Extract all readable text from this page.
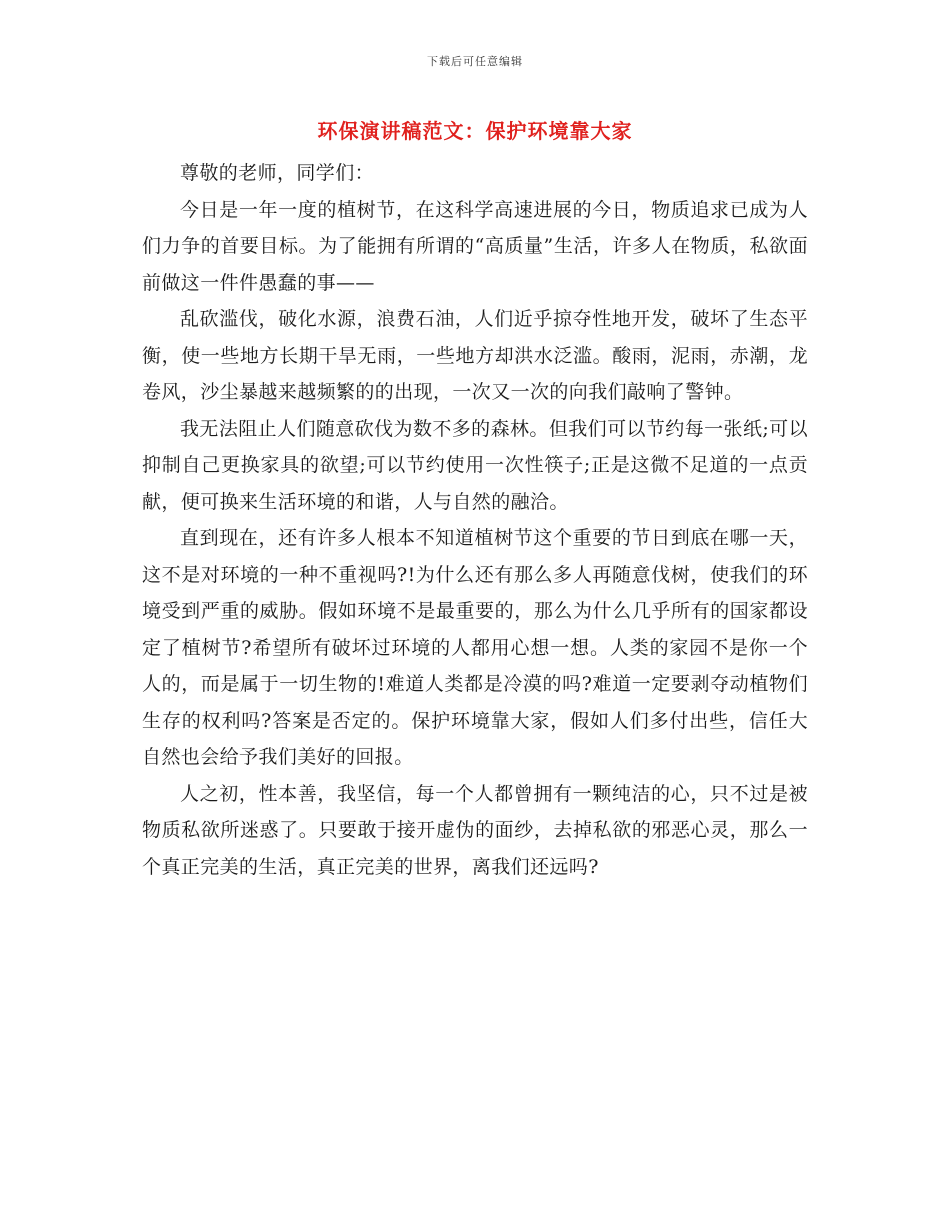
下载后可任意编辑
环保演讲稿范文：保护环境靠大家

尊敬的老师，同学们：

今日是一年一度的植树节，在这科学高速进展的今日，物质追求已成为人们力争的首要目标。为了能拥有所谓的“高质量”生活，许多人在物质，私欲面前做这一件件愚蠢的事——

乱砍滥伐，破化水源，浪费石油，人们近乎掠夺性地开发，破坏了生态平衡，使一些地方长期干旱无雨，一些地方却洪水泛滥。酸雨，泥雨，赤潮，龙卷风，沙尘暴越来越频繁的的出现，一次又一次的向我们敲响了警钟。

我无法阻止人们随意砍伐为数不多的森林。但我们可以节约每一张纸;可以抑制自己更换家具的欲望;可以节约使用一次性筷子;正是这微不足道的一点贡献，便可换来生活环境的和谐，人与自然的融洽。

直到现在，还有许多人根本不知道植树节这个重要的节日到底在哪一天，这不是对环境的一种不重视吗?!为什么还有那么多人再随意伐树，使我们的环境受到严重的威胁。假如环境不是最重要的，那么为什么几乎所有的国家都设定了植树节?希望所有破坏过环境的人都用心想一想。人类的家园不是你一个人的，而是属于一切生物的!难道人类都是冷漠的吗?难道一定要剥夺动植物们生存的权利吗?答案是否定的。保护环境靠大家，假如人们多付出些，信任大自然也会给予我们美好的回报。

人之初，性本善，我坚信，每一个人都曾拥有一颗纯洁的心，只不过是被物质私欲所迷惑了。只要敢于接开虚伪的面纱，去掉私欲的邪恶心灵，那么一个真正完美的生活，真正完美的世界，离我们还远吗?
